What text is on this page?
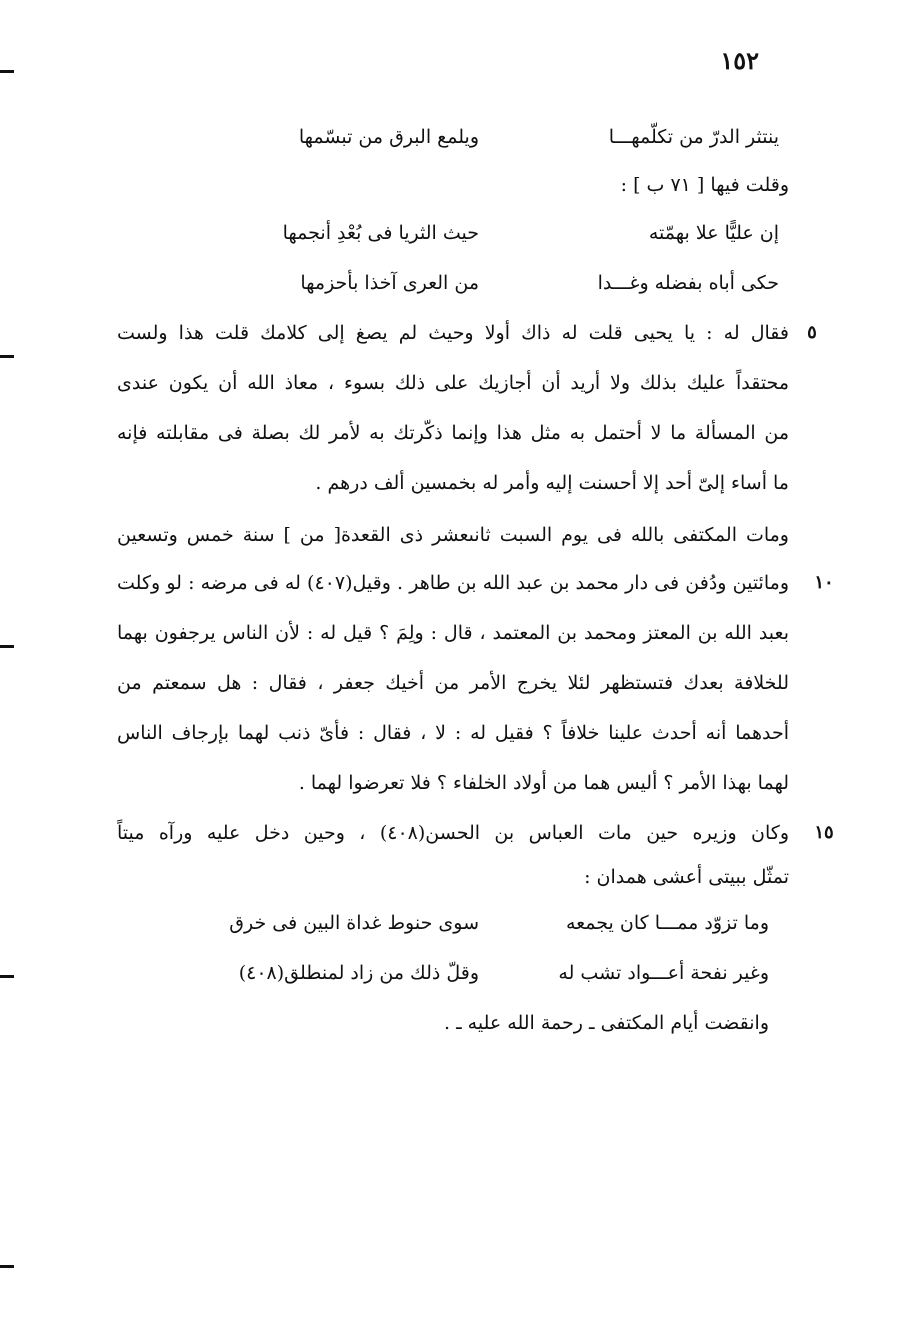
١٥٢
ينتثر الدرّ من تكلّمهـــا
ويلمع البرق من تبسّمها
وقلت فيها [ ٧١ ب ] :
إن عليًّا علا بهمّته
حيث الثريا فى بُعْدِ أنجمها
حكى أباه بفضله وغـــدا
من العرى آخذا بأحزمها
٥
١٠
١٥
فقال له : يا يحيى قلت له ذاك أولا وحيث لم يصغ إلى كلامك قلت هذا ولست
محتقداً عليك بذلك ولا أريد أن أجازيك على ذلك بسوء ، معاذ الله أن يكون عندى
من المسألة ما لا أحتمل به مثل هذا وإنما ذكّرتك به لأمر لك بصلة فى مقابلته فإنه
ما أساء إلىّ أحد إلا أحسنت إليه وأمر له بخمسين ألف درهم .
ومات المكتفى بالله فى يوم السبت ثانىعشر ذى القعدة[ من ] سنة خمس وتسعين
ومائتين ودُفن فى دار محمد بن عبد الله بن طاهر . وقيل(٤٠٧) له فى مرضه : لو وكلت
بعبد الله بن المعتز ومحمد بن المعتمد ، قال : ولِمَ ؟ قيل له : لأن الناس يرجفون بهما
للخلافة بعدك فتستظهر لئلا يخرج الأمر من أخيك جعفر ، فقال : هل سمعتم من
أحدهما أنه أحدث علينا خلافاً ؟ فقيل له : لا ، فقال : فأىّ ذنب لهما بإرجاف الناس
لهما بهذا الأمر ؟ أليس هما من أولاد الخلفاء ؟ فلا تعرضوا لهما .
وكان وزيره حين مات العباس بن الحسن(٤٠٨) ، وحين دخل عليه ورآه ميتاً
تمثّل ببيتى أعشى همدان :
وما تزوّد ممـــا كان يجمعه
سوى حنوط غداة البين فى خرق
وغير نفحة أعـــواد تشب له
وقلّ ذلك من زاد لمنطلق(٤٠٨)
وانقضت أيام المكتفى ـ رحمة الله عليه ـ .
